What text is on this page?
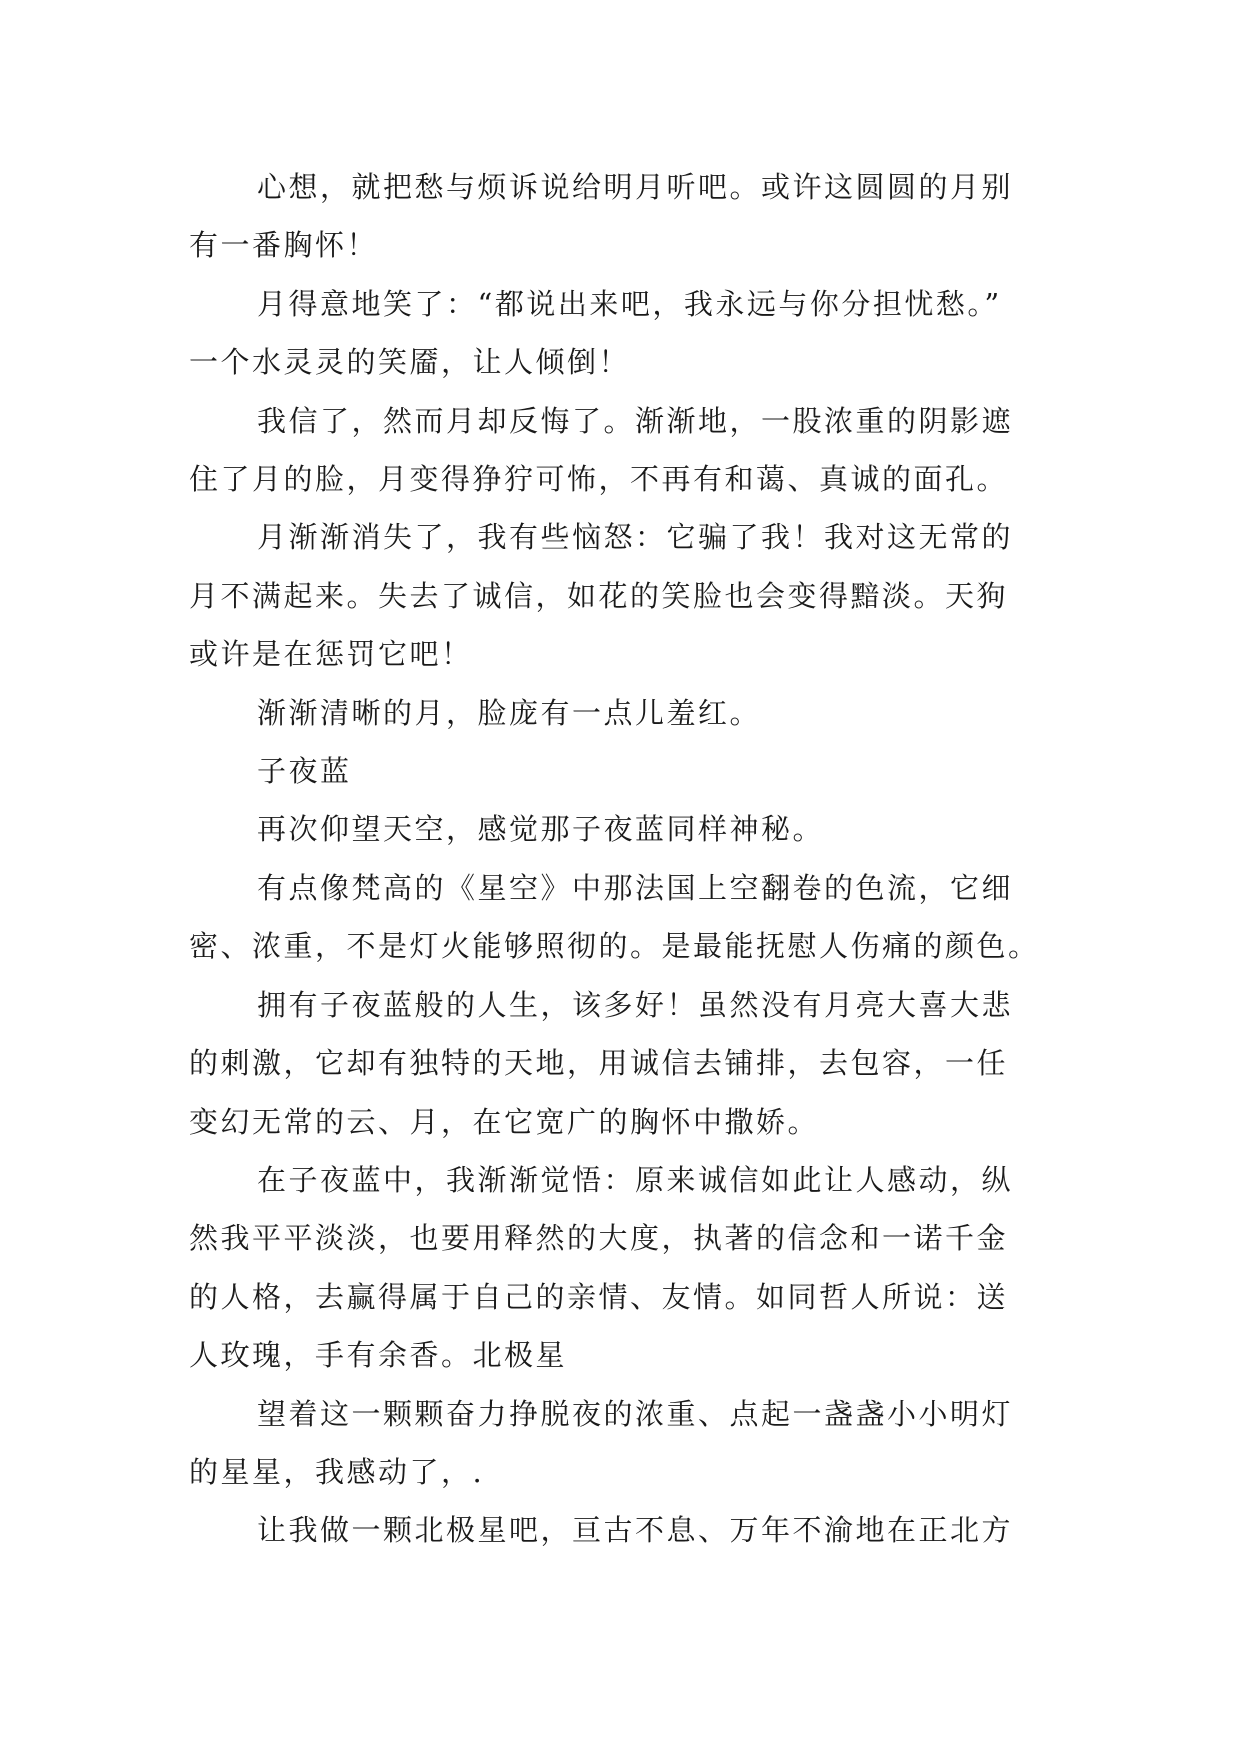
心想，就把愁与烦诉说给明月听吧。或许这圆圆的月别
有一番胸怀！
月得意地笑了：“都说出来吧，我永远与你分担忧愁。”
一个水灵灵的笑靥，让人倾倒！
我信了，然而月却反悔了。渐渐地，一股浓重的阴影遮
住了月的脸，月变得狰狞可怖，不再有和蔼、真诚的面孔。
月渐渐消失了，我有些恼怒：它骗了我！我对这无常的
月不满起来。失去了诚信，如花的笑脸也会变得黯淡。天狗
或许是在惩罚它吧！
渐渐清晰的月，脸庞有一点儿羞红。
子夜蓝
再次仰望天空，感觉那子夜蓝同样神秘。
有点像梵高的《星空》中那法国上空翻卷的色流，它细
密、浓重，不是灯火能够照彻的。是最能抚慰人伤痛的颜色。
拥有子夜蓝般的人生，该多好！虽然没有月亮大喜大悲
的刺激，它却有独特的天地，用诚信去铺排，去包容，一任
变幻无常的云、月，在它宽广的胸怀中撒娇。
在子夜蓝中，我渐渐觉悟：原来诚信如此让人感动，纵
然我平平淡淡，也要用释然的大度，执著的信念和一诺千金
的人格，去赢得属于自己的亲情、友情。如同哲人所说：送
人玫瑰，手有余香。北极星
望着这一颗颗奋力挣脱夜的浓重、点起一盏盏小小明灯
的星星，我感动了，.
让我做一颗北极星吧，亘古不息、万年不渝地在正北方
